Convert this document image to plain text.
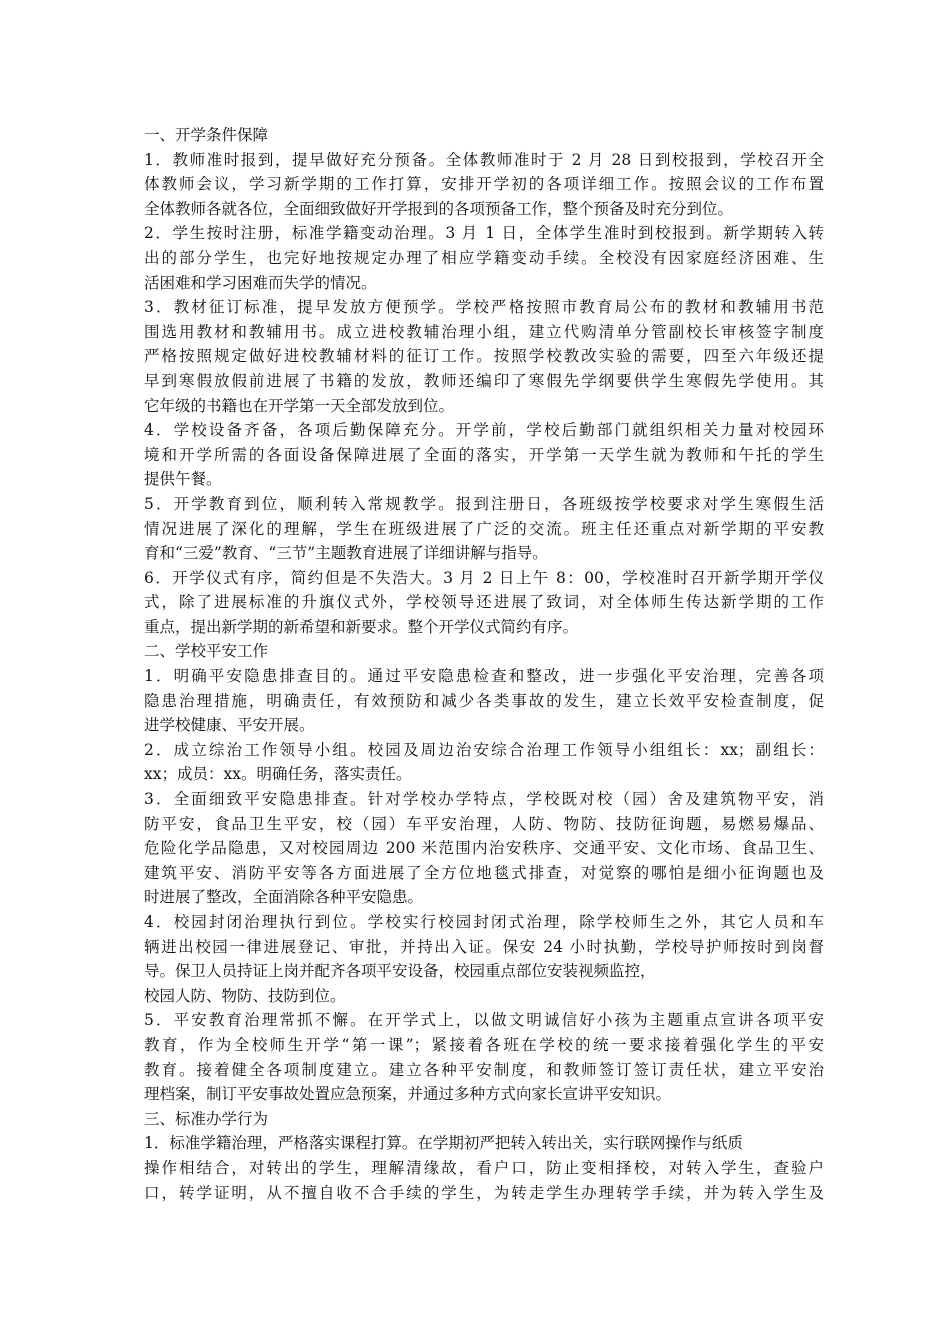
一、开学条件保障
1．教师准时报到，提早做好充分预备。全体教师准时于 2 月 28 日到校报到，学校召开全
体教师会议，学习新学期的工作打算，安排开学初的各项详细工作。按照会议的工作布置
全体教师各就各位，全面细致做好开学报到的各项预备工作，整个预备及时充分到位。
2．学生按时注册，标准学籍变动治理。3 月 1 日，全体学生准时到校报到。新学期转入转
出的部分学生，也完好地按规定办理了相应学籍变动手续。全校没有因家庭经济困难、生
活困难和学习困难而失学的情况。
3．教材征订标准，提早发放方便预学。学校严格按照市教育局公布的教材和教辅用书范
围选用教材和教辅用书。成立进校教辅治理小组，建立代购清单分管副校长审核签字制度
严格按照规定做好进校教辅材料的征订工作。按照学校教改实验的需要，四至六年级还提
早到寒假放假前进展了书籍的发放，教师还编印了寒假先学纲要供学生寒假先学使用。其
它年级的书籍也在开学第一天全部发放到位。
4．学校设备齐备，各项后勤保障充分。开学前，学校后勤部门就组织相关力量对校园环
境和开学所需的各面设备保障进展了全面的落实，开学第一天学生就为教师和午托的学生
提供午餐。
5．开学教育到位，顺利转入常规教学。报到注册日，各班级按学校要求对学生寒假生活
情况进展了深化的理解，学生在班级进展了广泛的交流。班主任还重点对新学期的平安教
育和“三爱”教育、“三节”主题教育进展了详细讲解与指导。
6．开学仪式有序，简约但是不失浩大。3 月 2 日上午 8：00，学校准时召开新学期开学仪
式，除了进展标准的升旗仪式外，学校领导还进展了致词，对全体师生传达新学期的工作
重点，提出新学期的新希望和新要求。整个开学仪式简约有序。
二、学校平安工作
1．明确平安隐患排查目的。通过平安隐患检查和整改，进一步强化平安治理，完善各项
隐患治理措施，明确责任，有效预防和减少各类事故的发生，建立长效平安检查制度，促
进学校健康、平安开展。
2．成立综治工作领导小组。校园及周边治安综合治理工作领导小组组长：xx；副组长：
xx；成员：xx。明确任务，落实责任。
3．全面细致平安隐患排查。针对学校办学特点，学校既对校（园）舍及建筑物平安，消
防平安，食品卫生平安，校（园）车平安治理，人防、物防、技防征询题，易燃易爆品、
危险化学品隐患，又对校园周边 200 米范围内治安秩序、交通平安、文化市场、食品卫生、
建筑平安、消防平安等各方面进展了全方位地毯式排查，对觉察的哪怕是细小征询题也及
时进展了整改，全面消除各种平安隐患。
4．校园封闭治理执行到位。学校实行校园封闭式治理，除学校师生之外，其它人员和车
辆进出校园一律进展登记、审批，并持出入证。保安 24 小时执勤，学校导护师按时到岗督
导。保卫人员持证上岗并配齐各项平安设备，校园重点部位安装视频监控，
校园人防、物防、技防到位。
5．平安教育治理常抓不懈。在开学式上，以做文明诚信好小孩为主题重点宣讲各项平安
教育，作为全校师生开学“第一课”；紧接着各班在学校的统一要求接着强化学生的平安
教育。接着健全各项制度建立。建立各种平安制度，和教师签订签订责任状，建立平安治
理档案，制订平安事故处置应急预案，并通过多种方式向家长宣讲平安知识。
三、标准办学行为
1．标准学籍治理，严格落实课程打算。在学期初严把转入转出关，实行联网操作与纸质
操作相结合，对转出的学生，理解清缘故，看户口，防止变相择校，对转入学生，查验户
口，转学证明，从不擅自收不合手续的学生，为转走学生办理转学手续，并为转入学生及
